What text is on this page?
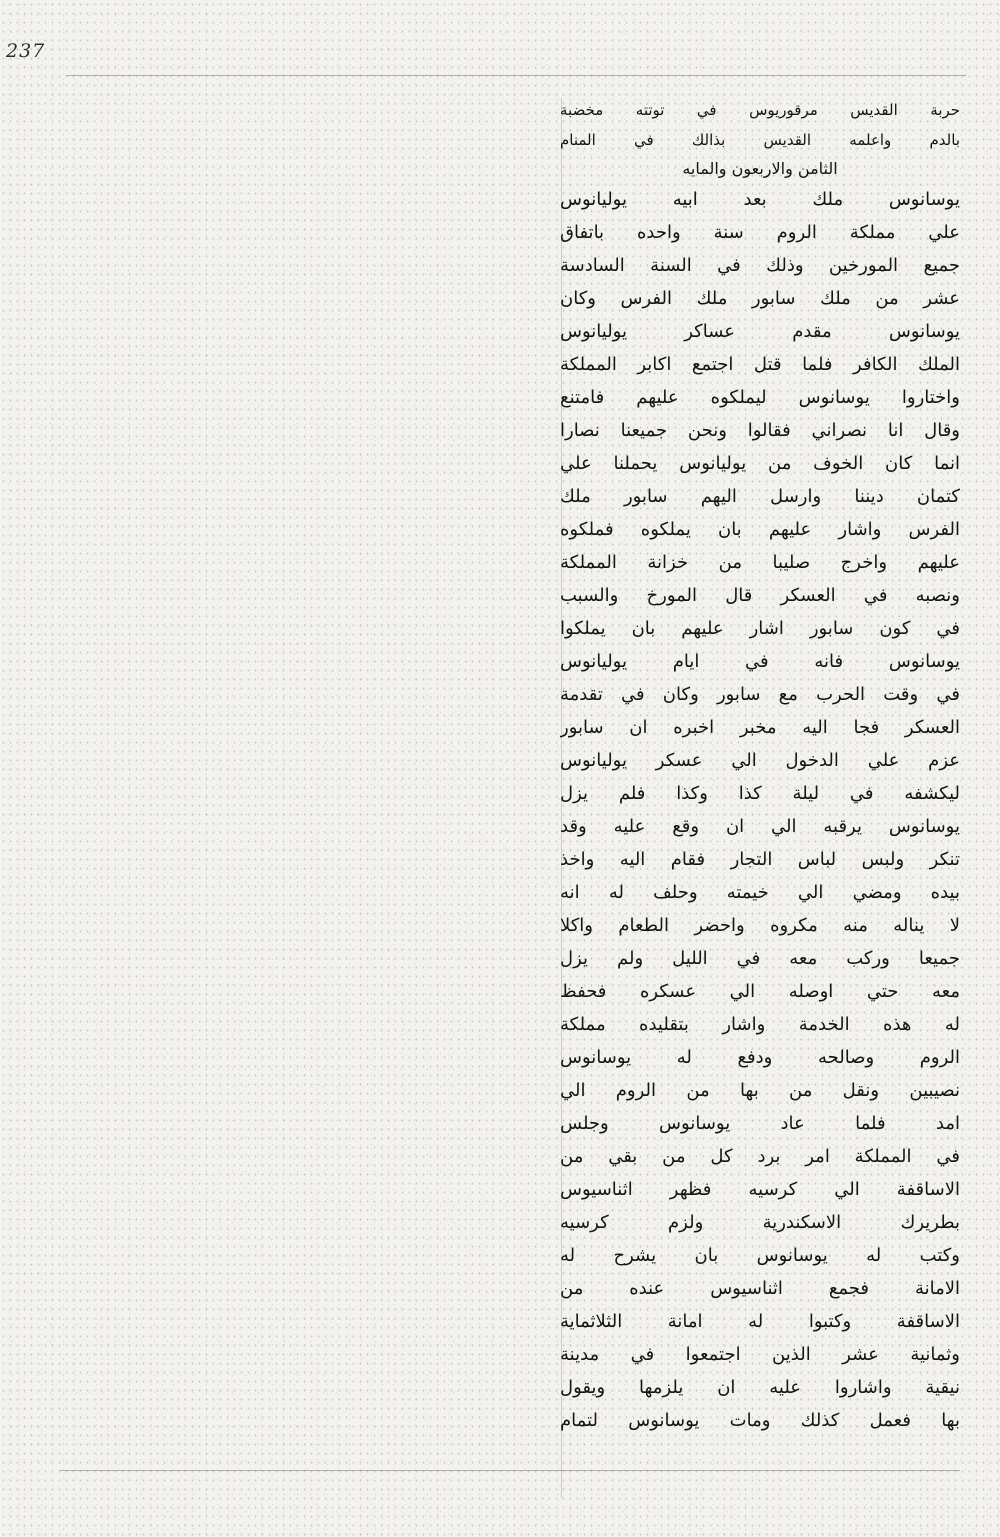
237
حربة القديس مرقوريوس في توتته مخضبة
بالدم واعلمه القديس بذالك في المنام
الثامن والاربعون والمايه
يوسانوس ملك بعد ابيه يوليانوس
علي مملكة الروم سنة واحده باتفاق
جميع المورخين وذلك في السنة السادسة
عشر من ملك سابور ملك الفرس وكان
يوسانوس مقدم عساكر يوليانوس
الملك الكافر فلما قتل اجتمع اكابر المملكة
واختاروا يوسانوس ليملكوه عليهم فامتنع
وقال انا نصراني فقالوا ونحن جميعنا نصارا
انما كان الخوف من يوليانوس يحملنا علي
كتمان ديننا وارسل اليهم سابور ملك
الفرس واشار عليهم بان يملكوه فملكوه
عليهم واخرج صليبا من خزانة المملكة
ونصبه في العسكر قال المورخ والسبب
في كون سابور اشار عليهم بان يملكوا
يوسانوس فانه في ايام يوليانوس
في وقت الحرب مع سابور وكان في تقدمة
العسكر فجا اليه مخبر اخبره ان سابور
عزم علي الدخول الي عسكر يوليانوس
ليكشفه في ليلة كذا وكذا فلم يزل
يوسانوس يرقبه الي ان وقع عليه وقد
تنكر ولبس لباس التجار فقام اليه واخذ
بيده ومضي الي خيمته وحلف له انه
لا يناله منه مكروه واحضر الطعام واكلا
جميعا وركب معه في الليل ولم يزل
معه حتي اوصله الي عسكره فحفظ
له هذه الخدمة واشار بتقليده مملكة
الروم وصالحه ودفع له يوسانوس
نصيبين ونقل من بها من الروم الي
امد فلما عاد يوسانوس وجلس
في المملكة امر برد كل من بقي من
الاساقفة الي كرسيه فظهر اثناسيوس
بطريرك الاسكندرية ولزم كرسيه
وكتب له يوسانوس بان يشرح له
الامانة فجمع اثناسيوس عنده من
الاساقفة وكتبوا له امانة الثلاثماية
وثمانية عشر الذين اجتمعوا في مدينة
نيقية واشاروا عليه ان يلزمها ويقول
بها فعمل كذلك ومات يوسانوس لتمام
